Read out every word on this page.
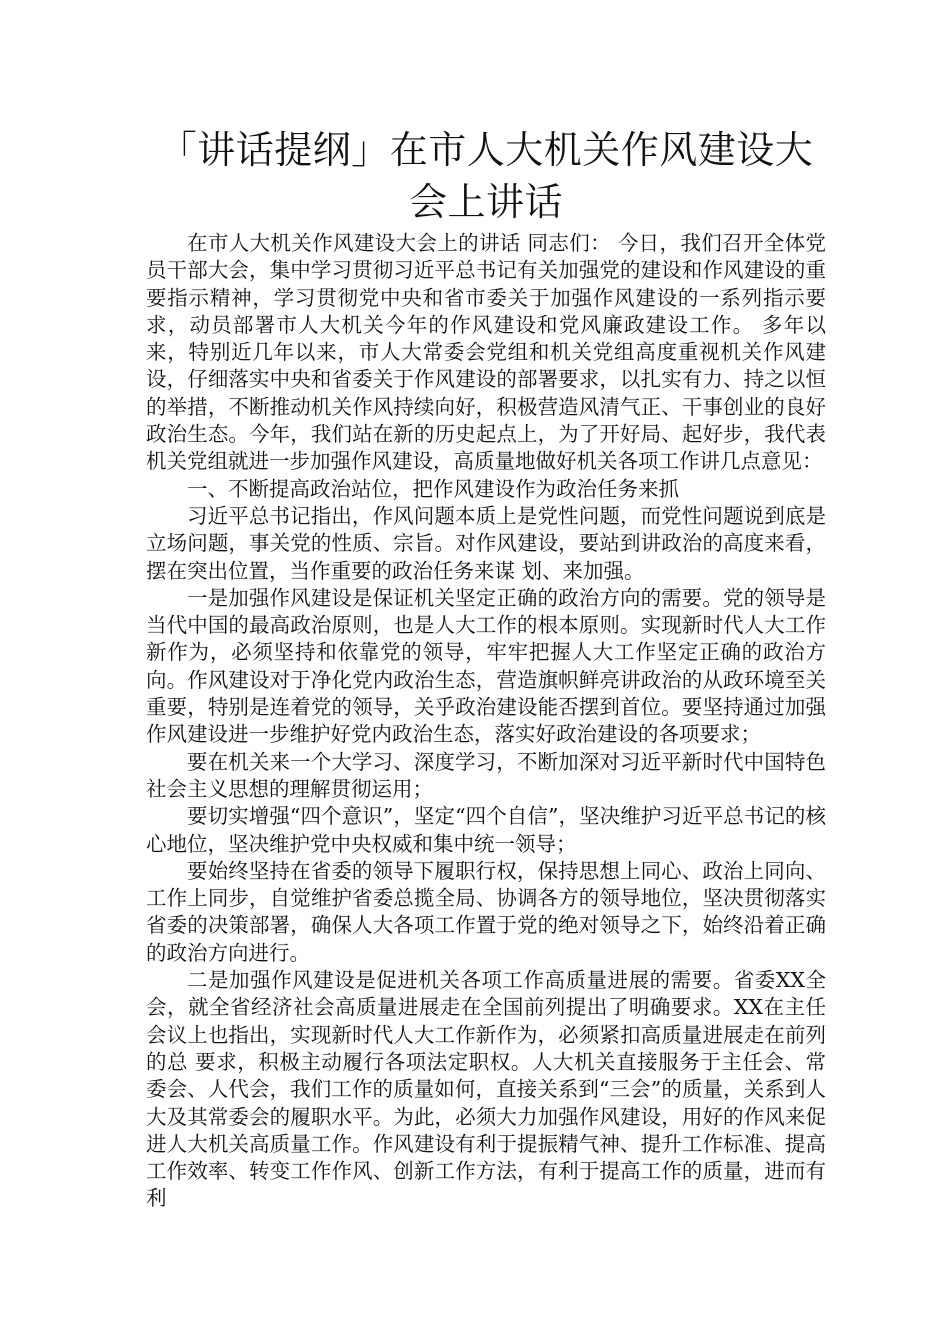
「讲话提纲」在市人大机关作风建设大会上讲话

在市人大机关作风建设大会上的讲话 同志们： 今日，我们召开全体党员干部大会，集中学习贯彻习近平总书记有关加强党的建设和作风建设的重要指示精神，学习贯彻党中央和省市委关于加强作风建设的一系列指示要求，动员部署市人大机关今年的作风建设和党风廉政建设工作。 多年以来，特别近几年以来，市人大常委会党组和机关党组高度重视机关作风建设，仔细落实中央和省委关于作风建设的部署要求，以扎实有力、持之以恒的举措，不断推动机关作风持续向好，积极营造风清气正、干事创业的良好政治生态。今年，我们站在新的历史起点上，为了开好局、起好步，我代表机关党组就进一步加强作风建设，高质量地做好机关各项工作讲几点意见：

一、不断提高政治站位，把作风建设作为政治任务来抓

习近平总书记指出，作风问题本质上是党性问题，而党性问题说到底是立场问题，事关党的性质、宗旨。对作风建设，要站到讲政治的高度来看，摆在突出位置，当作重要的政治任务来谋 划、来加强。

一是加强作风建设是保证机关坚定正确的政治方向的需要。党的领导是当代中国的最高政治原则，也是人大工作的根本原则。实现新时代人大工作新作为，必须坚持和依靠党的领导，牢牢把握人大工作坚定正确的政治方向。作风建设对于净化党内政治生态，营造旗帜鲜亮讲政治的从政环境至关重要，特别是连着党的领导，关乎政治建设能否摆到首位。要坚持通过加强作风建设进一步维护好党内政治生态，落实好政治建设的各项要求；

要在机关来一个大学习、深度学习，不断加深对习近平新时代中国特色社会主义思想的理解贯彻运用；

要切实增强“四个意识”，坚定“四个自信”，坚决维护习近平总书记的核心地位，坚决维护党中央权威和集中统一领导；

要始终坚持在省委的领导下履职行权，保持思想上同心、政治上同向、工作上同步，自觉维护省委总揽全局、协调各方的领导地位，坚决贯彻落实省委的决策部署，确保人大各项工作置于党的绝对领导之下，始终沿着正确的政治方向进行。

二是加强作风建设是促进机关各项工作高质量进展的需要。省委XX全会，就全省经济社会高质量进展走在全国前列提出了明确要求。XX在主任会议上也指出，实现新时代人大工作新作为，必须紧扣高质量进展走在前列的总 要求，积极主动履行各项法定职权。人大机关直接服务于主任会、常委会、人代会，我们工作的质量如何，直接关系到“三会”的质量，关系到人大及其常委会的履职水平。为此，必须大力加强作风建设，用好的作风来促进人大机关高质量工作。作风建设有利于提振精气神、提升工作标准、提高工作效率、转变工作作风、创新工作方法，有利于提高工作的质量，进而有利
